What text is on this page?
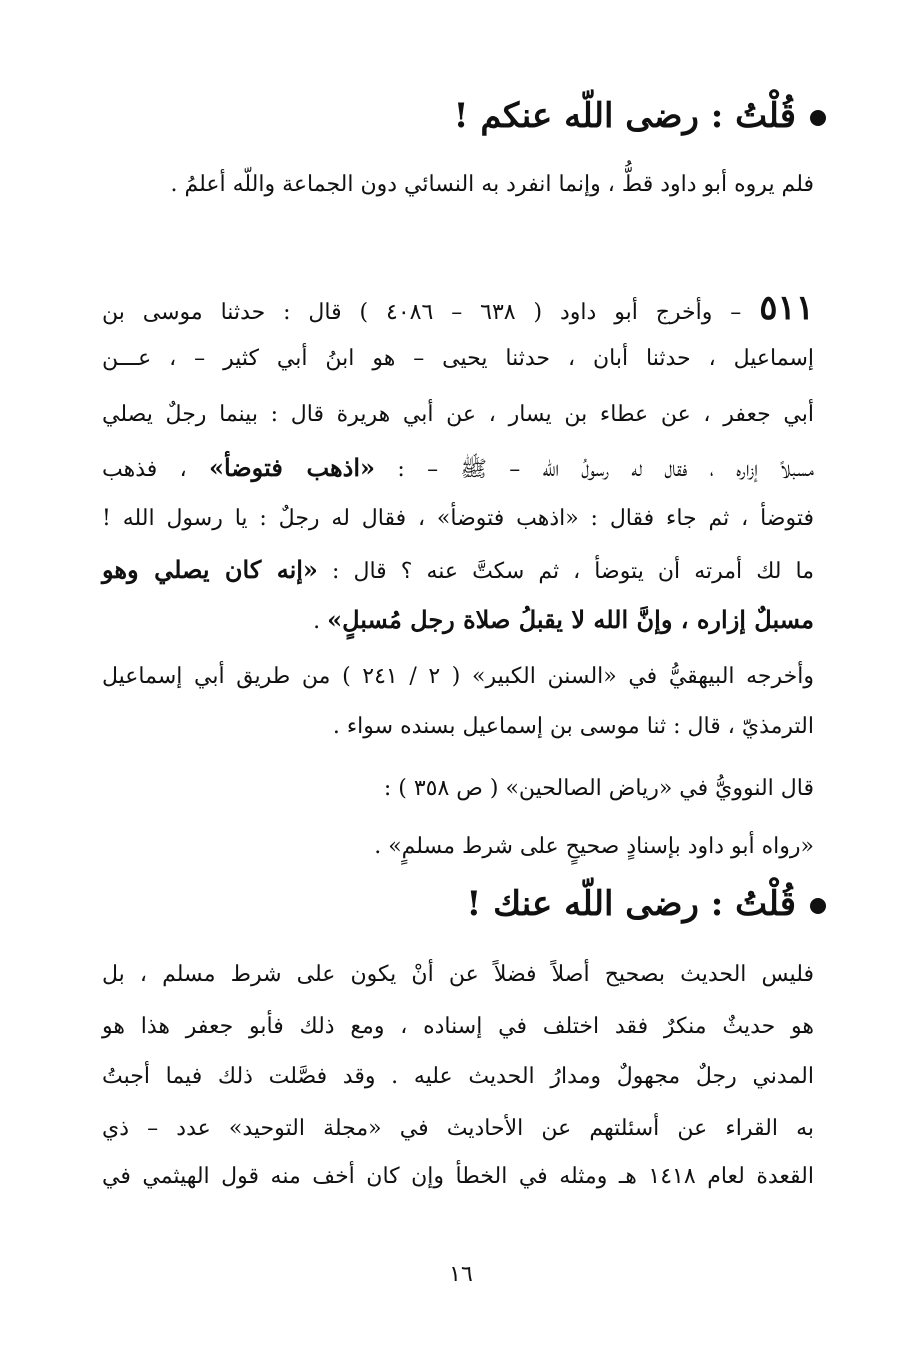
قُلْتُ : رضى اللّه عنكم !
فلم يروه أبو داود قطُّ ، وإنما انفرد به النسائي دون الجماعة واللّه أعلمُ .
٥١١ – وأخرج أبو داود ( ٦٣٨ – ٤٠٨٦ ) قال : حدثنا موسى بن
إسماعيل ، حدثنا أبان ، حدثنا يحيى – هو ابنُ أبي كثير – ، عـــن
أبي جعفر ، عن عطاء بن يسار ، عن أبي هريرة قال : بينما رجلٌ يصلي
مسبلاً إزاره ، فقال له رسولُ الله – ﷺ – : «اذهب فتوضأ» ، فذهب
فتوضأ ، ثم جاء فقال : «اذهب فتوضأ» ، فقال له رجلٌ : يا رسول الله !
ما لك أمرته أن يتوضأ ، ثم سكتَّ عنه ؟ قال : «إنه كان يصلي وهو
مسبلٌ إزاره ، وإنَّ الله لا يقبلُ صلاة رجل مُسبلٍ» .
وأخرجه البيهقيُّ في «السنن الكبير» ( ٢ / ٢٤١ ) من طريق أبي إسماعيل
الترمذيّ ، قال : ثنا موسى بن إسماعيل بسنده سواء .
قال النوويُّ في «رياض الصالحين» ( ص ٣٥٨ ) :
«رواه أبو داود بإسنادٍ صحيحٍ على شرط مسلمٍ» .
قُلْتُ : رضى اللّه عنك !
فليس الحديث بصحيح أصلاً فضلاً عن أنْ يكون على شرط مسلم ، بل
هو حديثٌ منكرٌ فقد اختلف في إسناده ، ومع ذلك فأبو جعفر هذا هو
المدني رجلٌ مجهولٌ ومدارُ الحديث عليه . وقد فصَّلت ذلك فيما أجبتُ
به القراء عن أسئلتهم عن الأحاديث في «مجلة التوحيد» عدد – ذي
القعدة لعام ١٤١٨ هـ ومثله في الخطأ وإن كان أخف منه قول الهيثمي في
١٦
